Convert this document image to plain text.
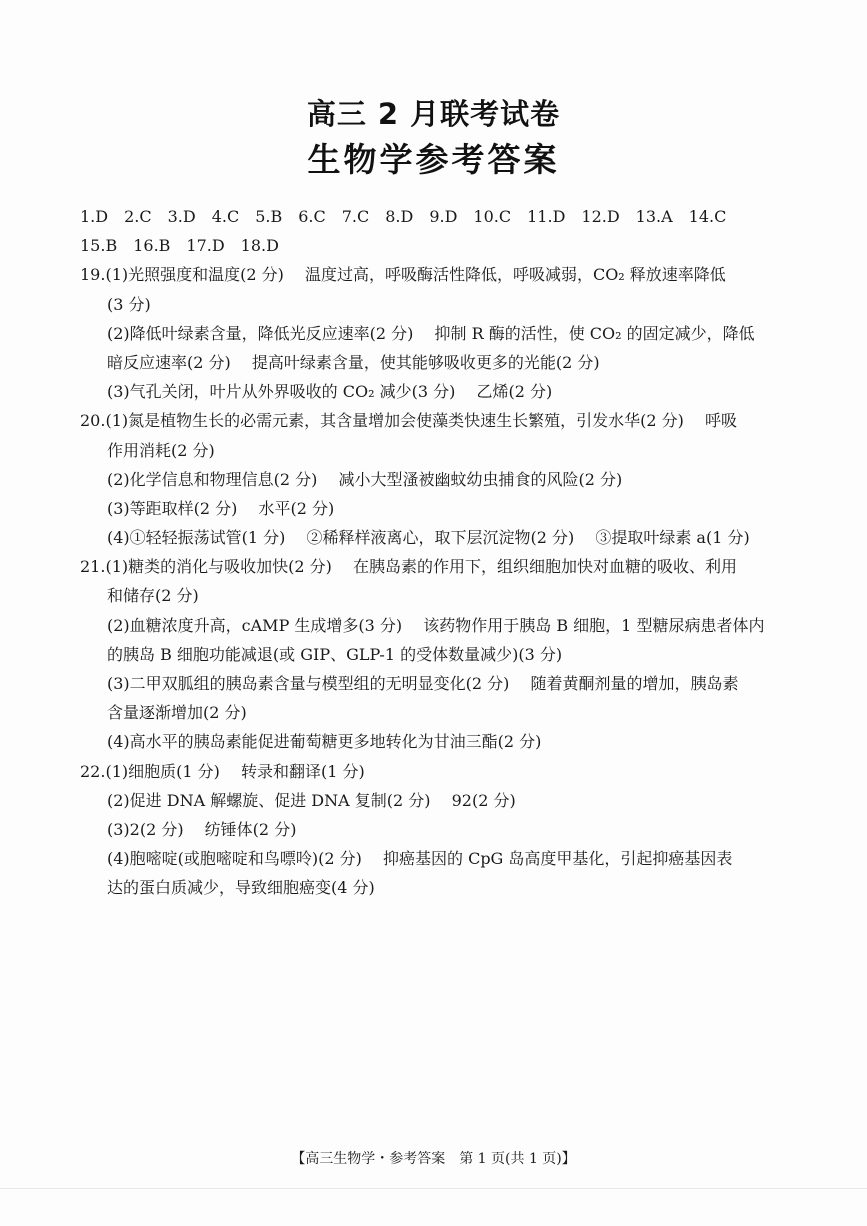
高三 2 月联考试卷
生物学参考答案
1.D　2.C　3.D　4.C　5.B　6.C　7.C　8.D　9.D　10.C　11.D　12.D　13.A　14.C
15.B　16.B　17.D　18.D
19.(1)光照强度和温度(2 分)　 温度过高，呼吸酶活性降低，呼吸减弱，CO₂ 释放速率降低
(3 分)
(2)降低叶绿素含量，降低光反应速率(2 分)　 抑制 R 酶的活性，使 CO₂ 的固定减少，降低
暗反应速率(2 分)　 提高叶绿素含量，使其能够吸收更多的光能(2 分)
(3)气孔关闭，叶片从外界吸收的 CO₂ 减少(3 分)　 乙烯(2 分)
20.(1)氮是植物生长的必需元素，其含量增加会使藻类快速生长繁殖，引发水华(2 分)　 呼吸
作用消耗(2 分)
(2)化学信息和物理信息(2 分)　 减小大型溞被幽蚊幼虫捕食的风险(2 分)
(3)等距取样(2 分)　 水平(2 分)
(4)①轻轻振荡试管(1 分)　 ②稀释样液离心，取下层沉淀物(2 分)　 ③提取叶绿素 a(1 分)
21.(1)糖类的消化与吸收加快(2 分)　 在胰岛素的作用下，组织细胞加快对血糖的吸收、利用
和储存(2 分)
(2)血糖浓度升高，cAMP 生成增多(3 分)　 该药物作用于胰岛 B 细胞，1 型糖尿病患者体内
的胰岛 B 细胞功能减退(或 GIP、GLP-1 的受体数量减少)(3 分)
(3)二甲双胍组的胰岛素含量与模型组的无明显变化(2 分)　 随着黄酮剂量的增加，胰岛素
含量逐渐增加(2 分)
(4)高水平的胰岛素能促进葡萄糖更多地转化为甘油三酯(2 分)
22.(1)细胞质(1 分)　 转录和翻译(1 分)
(2)促进 DNA 解螺旋、促进 DNA 复制(2 分)　 92(2 分)
(3)2(2 分)　 纺锤体(2 分)
(4)胞嘧啶(或胞嘧啶和鸟嘌呤)(2 分)　 抑癌基因的 CpG 岛高度甲基化，引起抑癌基因表
达的蛋白质减少，导致细胞癌变(4 分)
【高三生物学・参考答案　第 1 页(共 1 页)】
